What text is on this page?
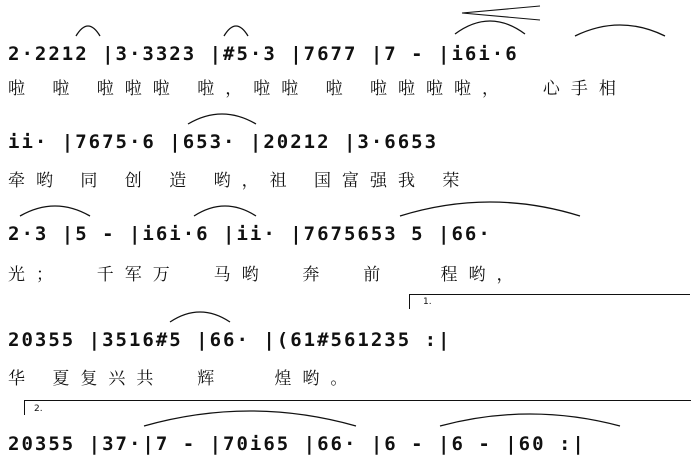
2·2212 |3·3323 |#5·3 |7677 |7 - |i6i·6
啦 啦 啦啦啦 啦，啦啦 啦 啦啦啦啦，  心手相
ii· |7675·6 |653· |20212 |3·6653
牵哟 同 创 造 哟，祖 国富强我 荣
2·3 |5 - |i6i·6 |ii· |7675653 5 |66·
光；  千军万  马哟  奔  前   程哟，
1.
20355 |3516#5 |66· |(61#561235 :|
华 夏复兴共  辉   煌哟。
2.
20355 |37·|7 - |70i65 |66· |6 - |6 - |60 :|
